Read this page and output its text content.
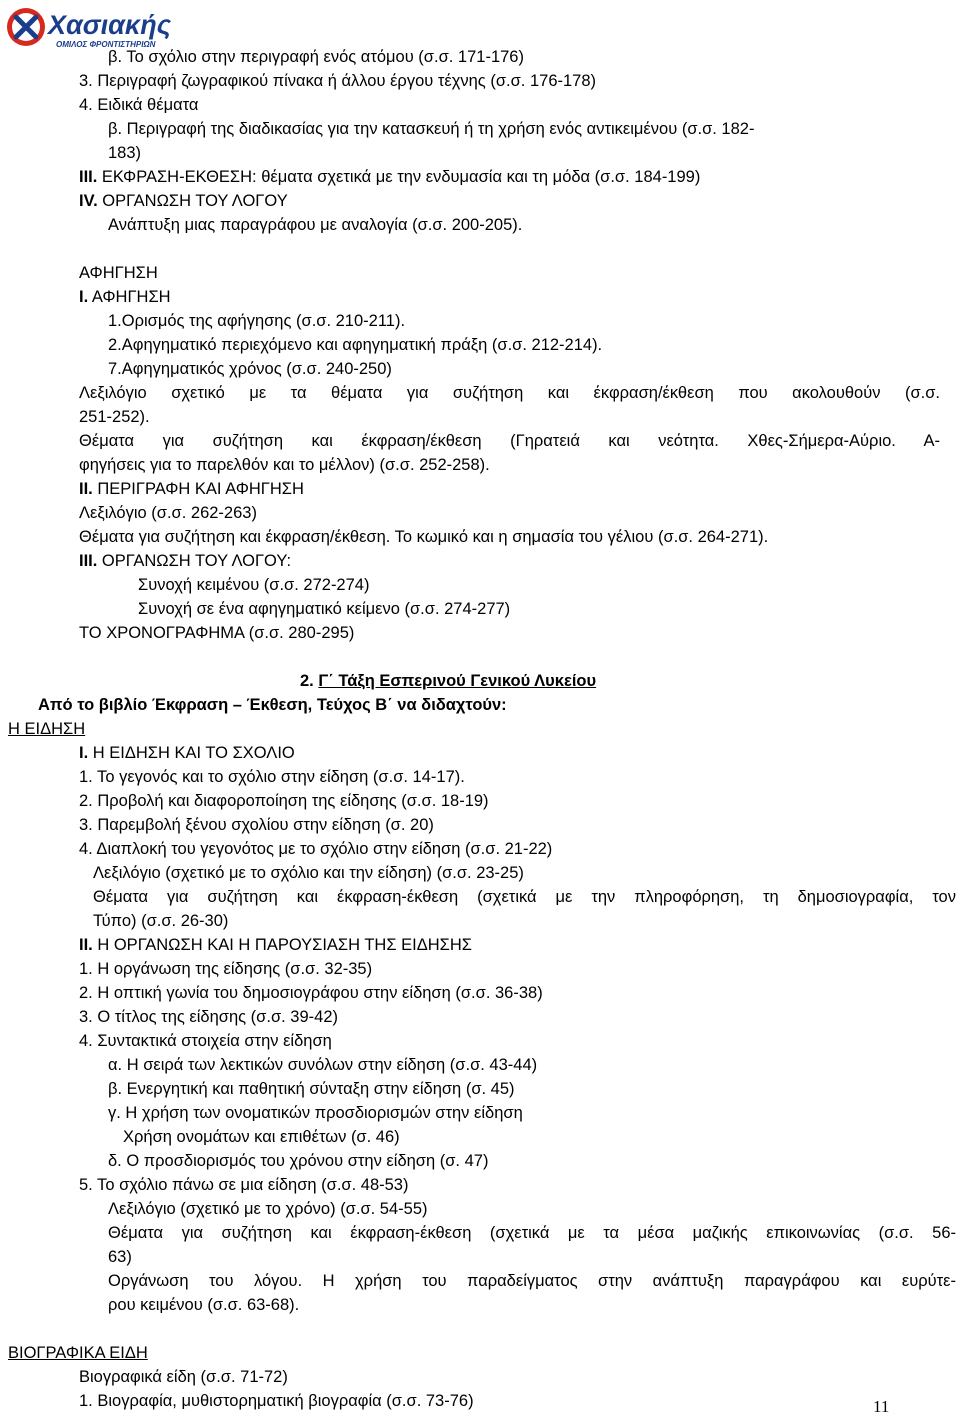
Χασιακής
ΟΜΙΛΟΣ ΦΡΟΝΤΙΣΤΗΡΙΩΝ
β. Το σχόλιο στην περιγραφή ενός ατόμου (σ.σ. 171-176)
3. Περιγραφή ζωγραφικού πίνακα ή άλλου έργου τέχνης (σ.σ. 176-178)
4. Ειδικά θέματα
β. Περιγραφή της διαδικασίας για την κατασκευή ή τη χρήση ενός αντικειμένου (σ.σ. 182-
183)
ΙΙΙ. ΕΚΦΡΑΣΗ-ΕΚΘΕΣΗ: θέματα σχετικά με την ενδυμασία και τη μόδα (σ.σ. 184-199)
IV. ΟΡΓΑΝΩΣΗ ΤΟΥ ΛΟΓΟΥ
Ανάπτυξη μιας παραγράφου με αναλογία (σ.σ. 200-205).
ΑΦΗΓΗΣΗ
Ι. ΑΦΗΓΗΣΗ
1.Ορισμός της αφήγησης (σ.σ. 210-211).
2.Αφηγηματικό περιεχόμενο και αφηγηματική πράξη (σ.σ. 212-214).
7.Αφηγηματικός χρόνος (σ.σ. 240-250)
Λεξιλόγιο σχετικό με τα θέματα για συζήτηση και έκφραση/έκθεση που ακολουθούν (σ.σ.
251-252).
Θέματα για συζήτηση και έκφραση/έκθεση (Γηρατειά και νεότητα. Χθες-Σήμερα-Αύριο. Α-
φηγήσεις για το παρελθόν και το μέλλον) (σ.σ. 252-258).
ΙΙ. ΠΕΡΙΓΡΑΦΗ ΚΑΙ ΑΦΗΓΗΣΗ
Λεξιλόγιο (σ.σ. 262-263)
Θέματα για συζήτηση και έκφραση/έκθεση. Το κωμικό και η σημασία του γέλιου (σ.σ. 264-271).
ΙΙΙ. ΟΡΓΑΝΩΣΗ ΤΟΥ ΛΟΓΟΥ:
Συνοχή κειμένου (σ.σ. 272-274)
Συνοχή σε ένα αφηγηματικό κείμενο (σ.σ. 274-277)
ΤΟ ΧΡΟΝΟΓΡΑΦΗΜΑ (σ.σ. 280-295)
2. Γ΄ Τάξη Εσπερινού Γενικού Λυκείου
Από το βιβλίο Έκφραση – Έκθεση, Τεύχος Β΄ να διδαχτούν:
Η ΕΙΔΗΣΗ
Ι. Η ΕΙΔΗΣΗ ΚΑΙ ΤΟ ΣΧΟΛΙΟ
1. Το γεγονός και το σχόλιο στην είδηση (σ.σ. 14-17).
2. Προβολή και διαφοροποίηση της είδησης (σ.σ. 18-19)
3. Παρεμβολή ξένου σχολίου στην είδηση (σ. 20)
4. Διαπλοκή του γεγονότος με το σχόλιο στην είδηση (σ.σ. 21-22)
Λεξιλόγιο (σχετικό με το σχόλιο και την είδηση) (σ.σ. 23-25)
Θέματα για συζήτηση και έκφραση-έκθεση (σχετικά με την πληροφόρηση, τη δημοσιογραφία, τον
Τύπο) (σ.σ. 26-30)
ΙΙ. Η ΟΡΓΑΝΩΣΗ ΚΑΙ Η ΠΑΡΟΥΣΙΑΣΗ ΤΗΣ ΕΙΔΗΣΗΣ
1. Η οργάνωση της είδησης (σ.σ. 32-35)
2. Η οπτική γωνία του δημοσιογράφου στην είδηση (σ.σ. 36-38)
3. Ο τίτλος της είδησης (σ.σ. 39-42)
4. Συντακτικά στοιχεία στην είδηση
α. Η σειρά των λεκτικών συνόλων στην είδηση (σ.σ. 43-44)
β. Ενεργητική και παθητική σύνταξη στην είδηση (σ. 45)
γ. Η χρήση των ονοματικών προσδιορισμών στην είδηση
Χρήση ονομάτων και επιθέτων (σ. 46)
δ. Ο προσδιορισμός του χρόνου στην είδηση (σ. 47)
5. Το σχόλιο πάνω σε μια είδηση (σ.σ. 48-53)
Λεξιλόγιο (σχετικό με το χρόνο) (σ.σ. 54-55)
Θέματα για συζήτηση και έκφραση-έκθεση (σχετικά με τα μέσα μαζικής επικοινωνίας (σ.σ. 56-
63)
Οργάνωση του λόγου. Η χρήση του παραδείγματος στην ανάπτυξη παραγράφου και ευρύτε-
ρου κειμένου (σ.σ. 63-68).
ΒΙΟΓΡΑΦΙΚΑ ΕΙΔΗ
Βιογραφικά είδη (σ.σ. 71-72)
1. Βιογραφία, μυθιστορηματική βιογραφία (σ.σ. 73-76)	11
